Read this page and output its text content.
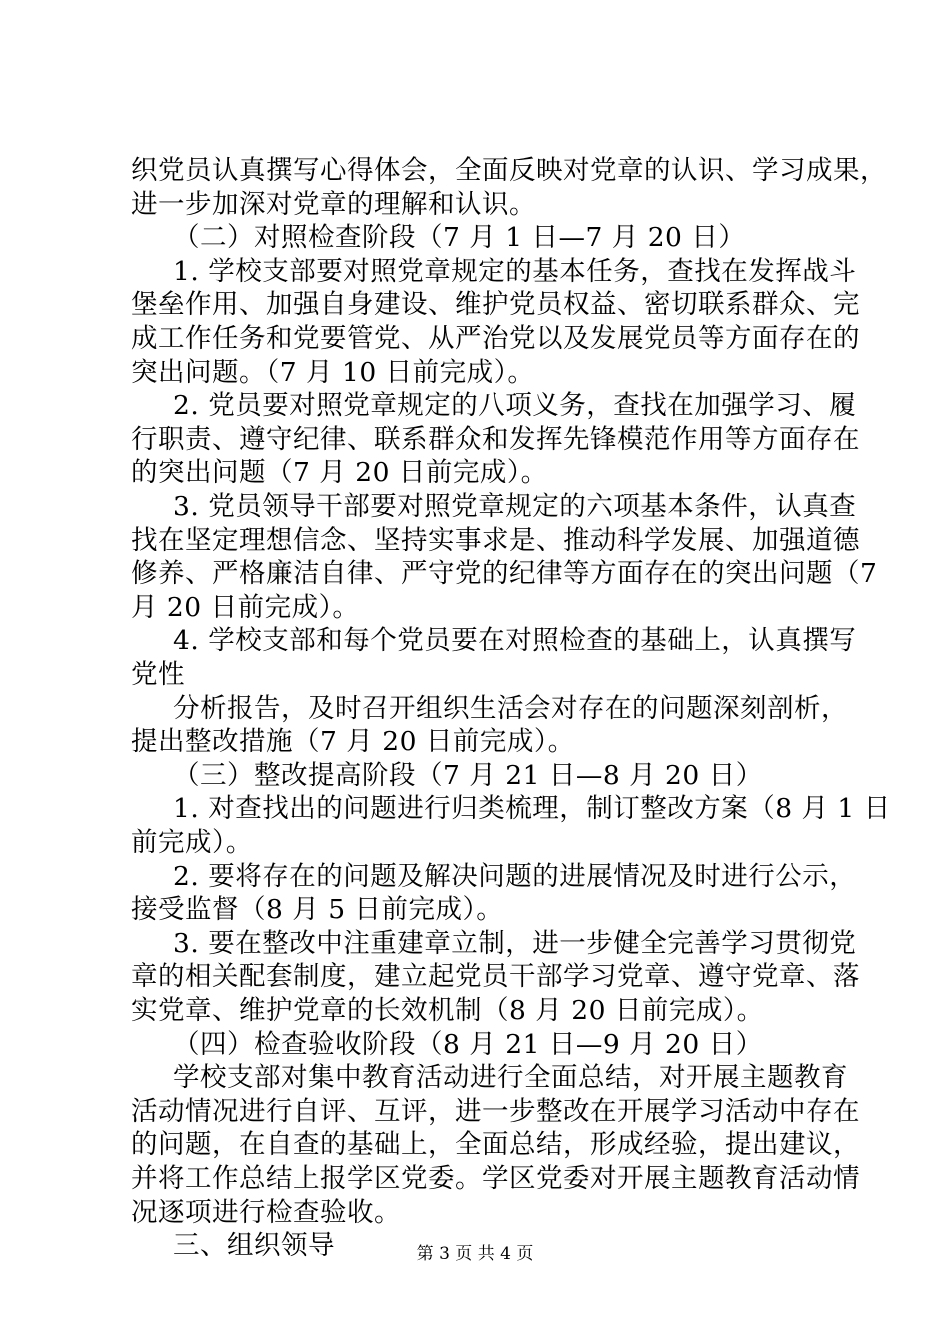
织党员认真撰写心得体会，全面反映对党章的认识、学习成果，
进一步加深对党章的理解和认识。
（二）对照检查阶段（7 月 1 日—7 月 20 日）
1. 学校支部要对照党章规定的基本任务，查找在发挥战斗
堡垒作用、加强自身建设、维护党员权益、密切联系群众、完
成工作任务和党要管党、从严治党以及发展党员等方面存在的
突出问题。（7 月 10 日前完成）。
2. 党员要对照党章规定的八项义务，查找在加强学习、履
行职责、遵守纪律、联系群众和发挥先锋模范作用等方面存在
的突出问题（7 月 20 日前完成）。
3. 党员领导干部要对照党章规定的六项基本条件，认真查
找在坚定理想信念、坚持实事求是、推动科学发展、加强道德
修养、严格廉洁自律、严守党的纪律等方面存在的突出问题（7
月 20 日前完成）。
4. 学校支部和每个党员要在对照检查的基础上，认真撰写
党性
分析报告，及时召开组织生活会对存在的问题深刻剖析，
提出整改措施（7 月 20 日前完成）。
（三）整改提高阶段（7 月 21 日—8 月 20 日）
1. 对查找出的问题进行归类梳理，制订整改方案（8 月 1 日
前完成）。
2. 要将存在的问题及解决问题的进展情况及时进行公示，
接受监督（8 月 5 日前完成）。
3. 要在整改中注重建章立制，进一步健全完善学习贯彻党
章的相关配套制度，建立起党员干部学习党章、遵守党章、落
实党章、维护党章的长效机制（8 月 20 日前完成）。
（四）检查验收阶段（8 月 21 日—9 月 20 日）
学校支部对集中教育活动进行全面总结，对开展主题教育
活动情况进行自评、互评，进一步整改在开展学习活动中存在
的问题，在自查的基础上，全面总结，形成经验，提出建议，
并将工作总结上报学区党委。学区党委对开展主题教育活动情
况逐项进行检查验收。
三、组织领导	第 3 页 共 4 页
